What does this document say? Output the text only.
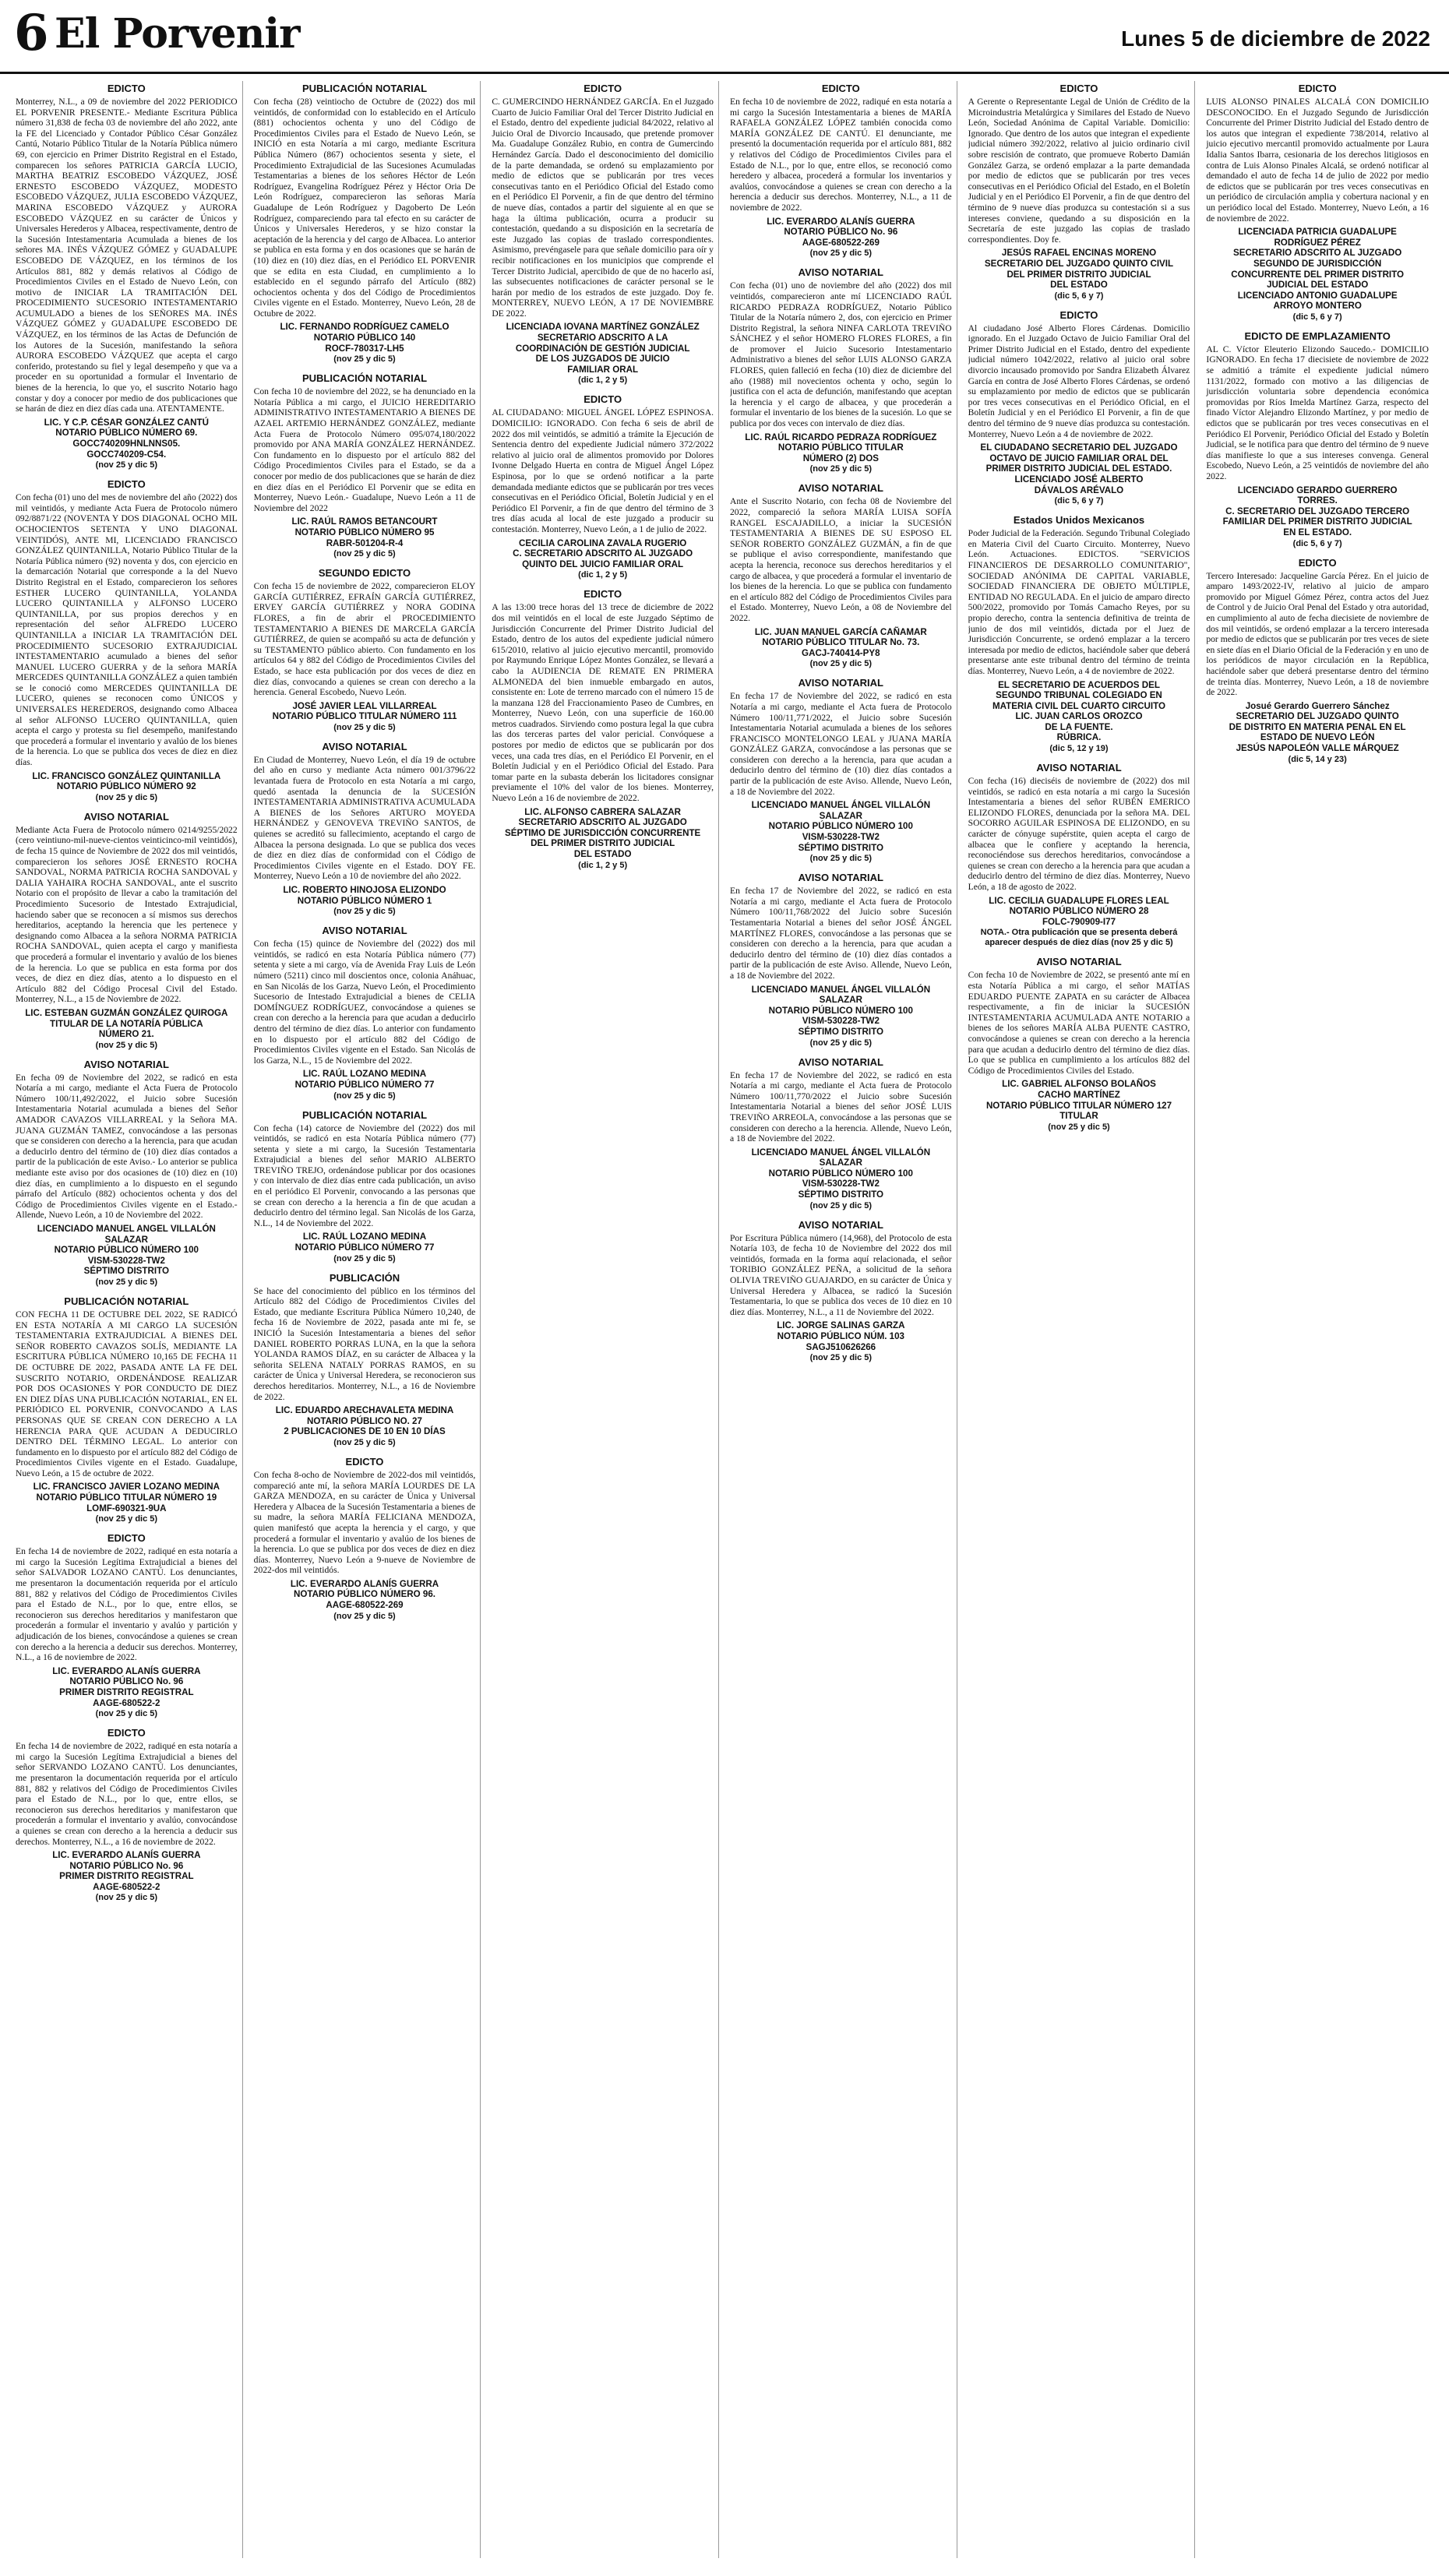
6 El Porvenir	Lunes 5 de diciembre de 2022
EDICTO
Monterrey, N.L., a 09 de noviembre del 2022 PERIODICO EL PORVENIR PRESENTE.- Mediante Escritura Pública número 31,838 de fecha 03 de noviembre del año 2022, ante la FE del Licenciado y Contador Público César González Cantú, Notario Público Titular de la Notaría Pública número 69, con ejercicio en Primer Distrito Registral en el Estado, comparecen los señores PATRICIA GARCÍA LUCIO, MARTHA BEATRIZ ESCOBEDO VÁZQUEZ, JOSÉ ERNESTO ESCOBEDO VÁZQUEZ, MODESTO ESCOBEDO VÁZQUEZ, JULIA ESCOBEDO VÁZQUEZ, MARINA ESCOBEDO VÁZQUEZ y AURORA ESCOBEDO VÁZQUEZ en su carácter de Únicos y Universales Herederos y Albacea, respectivamente, dentro de la Sucesión Intestamentaria Acumulada a bienes de los señores MA. INÉS VÁZQUEZ GÓMEZ y GUADALUPE ESCOBEDO DE VÁZQUEZ, en los términos de los Artículos 881, 882 y demás relativos al Código de Procedimientos Civiles en el Estado de Nuevo León, con motivo de INICIAR LA TRAMITACIÓN DEL PROCEDIMIENTO SUCESORIO INTESTAMENTARIO ACUMULADO a bienes de los SEÑORES MA. INÉS VÁZQUEZ GÓMEZ y GUADALUPE ESCOBEDO DE VÁZQUEZ, en los términos de las Actas de Defunción de los Autores de la Sucesión, manifestando la señora AURORA ESCOBEDO VÁZQUEZ que acepta el cargo conferido, protestando su fiel y legal desempeño y que va a proceder en su oportunidad a formular el Inventario de bienes de la herencia, lo que yo, el suscrito Notario hago constar y doy a conocer por medio de dos publicaciones que se harán de diez en diez días cada una. ATENTAMENTE.
LIC. Y C.P. CÉSAR GONZÁLEZ CANTÚ
NOTARIO PÚBLICO NÚMERO 69.
GOCC740209HNLNNS05.
GOCC740209-C54.
(nov 25 y dic 5)
EDICTO
Con fecha (01) uno del mes de noviembre del año (2022) dos mil veintidós, y mediante Acta Fuera de Protocolo número 092/8871/22 (NOVENTA Y DOS DIAGONAL OCHO MIL OCHOCIENTOS SETENTA Y UNO DIAGONAL VEINTIDÓS), ANTE MI, LICENCIADO FRANCISCO GONZÁLEZ QUINTANILLA, Notario Público Titular de la Notaría Pública número (92) noventa y dos, con ejercicio en la demarcación Notarial que corresponde a la del Nuevo Distrito Registral en el Estado, comparecieron los señores ESTHER LUCERO QUINTANILLA, YOLANDA LUCERO QUINTANILLA y ALFONSO LUCERO QUINTANILLA, por sus propios derechos y en representación del señor ALFREDO LUCERO QUINTANILLA a INICIAR LA TRAMITACIÓN DEL PROCEDIMIENTO SUCESORIO EXTRAJUDICIAL INTESTAMENTARIO acumulado a bienes del señor MANUEL LUCERO GUERRA y de la señora MARÍA MERCEDES QUINTANILLA GONZÁLEZ a quien también se le conoció como MERCEDES QUINTANILLA DE LUCERO, quienes se reconocen como ÚNICOS y UNIVERSALES HEREDEROS, designando como Albacea al señor ALFONSO LUCERO QUINTANILLA, quien acepta el cargo y protesta su fiel desempeño, manifestando que procederá a formular el inventario y avalúo de los bienes de la herencia. Lo que se publica dos veces de diez en diez días.
LIC. FRANCISCO GONZÁLEZ QUINTANILLA
NOTARIO PÚBLICO NÚMERO 92
(nov 25 y dic 5)
AVISO NOTARIAL
Mediante Acta Fuera de Protocolo número 0214/9255/2022 (cero veintiuno-mil-nueve-cientos veinticinco-mil veintidós), de fecha 15 quince de Noviembre de 2022 dos mil veintidós, comparecieron los señores JOSÉ ERNESTO ROCHA SANDOVAL, NORMA PATRICIA ROCHA SANDOVAL y DALIA YAHAIRA ROCHA SANDOVAL, ante el suscrito Notario con el propósito de llevar a cabo la tramitación del Procedimiento Sucesorio de Intestado Extrajudicial, haciendo saber que se reconocen a sí mismos sus derechos hereditarios, aceptando la herencia que les pertenece y designando como Albacea a la señora NORMA PATRICIA ROCHA SANDOVAL, quien acepta el cargo y manifiesta que procederá a formular el inventario y avalúo de los bienes de la herencia. Lo que se publica en esta forma por dos veces, de diez en diez días, atento a lo dispuesto en el Artículo 882 del Código Procesal Civil del Estado. Monterrey, N.L., a 15 de Noviembre de 2022.
LIC. ESTEBAN GUZMÁN GONZÁLEZ QUIROGA
TITULAR DE LA NOTARÍA PÚBLICA
NÚMERO 21.
(nov 25 y dic 5)
AVISO NOTARIAL
En fecha 09 de Noviembre del 2022, se radicó en esta Notaría a mi cargo, mediante el Acta Fuera de Protocolo Número 100/11,492/2022, el Juicio sobre Sucesión Intestamentaria Notarial acumulada a bienes del Señor AMADOR CAVAZOS VILLARREAL y la Señora MA. JUANA GUZMÁN TAMEZ, convocándose a las personas que se consideren con derecho a la herencia, para que acudan a deducirlo dentro del término de (10) diez días contados a partir de la publicación de este Aviso.- Lo anterior se publica mediante este aviso por dos ocasiones de (10) diez en (10) diez días, en cumplimiento a lo dispuesto en el segundo párrafo del Artículo (882) ochocientos ochenta y dos del Código de Procedimientos Civiles vigente en el Estado.- Allende, Nuevo León, a 10 de Noviembre del 2022.
LICENCIADO MANUEL ANGEL VILLALÓN SALAZAR
NOTARIO PÚBLICO NÚMERO 100
VISM-530228-TW2
SÉPTIMO DISTRITO
(nov 25 y dic 5)
PUBLICACIÓN NOTARIAL
CON FECHA 11 DE OCTUBRE DEL 2022, SE RADICÓ EN ESTA NOTARÍA A MI CARGO LA SUCESIÓN TESTAMENTARIA EXTRAJUDICIAL A BIENES DEL SEÑOR ROBERTO CAVAZOS SOLÍS, MEDIANTE LA ESCRITURA PÚBLICA NÚMERO 10,165 DE FECHA 11 DE OCTUBRE DE 2022, PASADA ANTE LA FE DEL SUSCRITO NOTARIO, ORDENÁNDOSE REALIZAR POR DOS OCASIONES Y POR CONDUCTO DE DIEZ EN DIEZ DÍAS UNA PUBLICACIÓN NOTARIAL, EN EL PERIÓDICO EL PORVENIR, CONVOCANDO A LAS PERSONAS QUE SE CREAN CON DERECHO A LA HERENCIA PARA QUE ACUDAN A DEDUCIRLO DENTRO DEL TÉRMINO LEGAL. Lo anterior con fundamento en lo dispuesto por el artículo 882 del Código de Procedimientos Civiles vigente en el Estado. Guadalupe, Nuevo León, a 15 de octubre de 2022.
LIC. FRANCISCO JAVIER LOZANO MEDINA
NOTARIO PÚBLICO TITULAR NÚMERO 19
LOMF-690321-9UA
(nov 25 y dic 5)
EDICTO
En fecha 14 de noviembre de 2022, radiqué en esta notaría a mi cargo la Sucesión Legítima Extrajudicial a bienes del señor SALVADOR LOZANO CANTÚ. Los denunciantes, me presentaron la documentación requerida por el artículo 881, 882 y relativos del Código de Procedimientos Civiles para el Estado de N.L., por lo que, entre ellos, se reconocieron sus derechos hereditarios y manifestaron que procederán a formular el inventario y avalúo y partición y adjudicación de los bienes, convocándose a quienes se crean con derecho a la herencia a deducir sus derechos. Monterrey, N.L., a 16 de noviembre de 2022.
LIC. EVERARDO ALANÍS GUERRA
NOTARIO PÚBLICO No. 96
PRIMER DISTRITO REGISTRAL
AAGE-680522-2
(nov 25 y dic 5)
EDICTO
En fecha 14 de noviembre de 2022, radiqué en esta notaría a mi cargo la Sucesión Legítima Extrajudicial a bienes del señor SERVANDO LOZANO CANTÚ. Los denunciantes, me presentaron la documentación requerida por el artículo 881, 882 y relativos del Código de Procedimientos Civiles para el Estado de N.L., por lo que, entre ellos, se reconocieron sus derechos hereditarios y manifestaron que procederán a formular el inventario y avalúo, convocándose a quienes se crean con derecho a la herencia a deducir sus derechos. Monterrey, N.L., a 16 de noviembre de 2022.
LIC. EVERARDO ALANÍS GUERRA
NOTARIO PÚBLICO No. 96
PRIMER DISTRITO REGISTRAL
AAGE-680522-2
(nov 25 y dic 5)
PUBLICACIÓN NOTARIAL
Con fecha (28) veintiocho de Octubre de (2022) dos mil veintidós, de conformidad con lo establecido en el Artículo (881) ochocientos ochenta y uno del Código de Procedimientos Civiles para el Estado de Nuevo León, se INICIÓ en esta Notaría a mi cargo, mediante Escritura Pública Número (867) ochocientos sesenta y siete, el Procedimiento Extrajudicial de las Sucesiones Acumuladas Testamentarias a bienes de los señores Héctor de León Rodríguez, Evangelina Rodríguez Pérez y Héctor Oria De León Rodríguez, comparecieron las señoras María Guadalupe de León Rodríguez y Dagoberto De León Rodríguez, compareciendo para tal efecto en su carácter de Únicos y Universales Herederos, y se hizo constar la aceptación de la herencia y del cargo de Albacea. Lo anterior se publica en esta forma y en dos ocasiones que se harán de (10) diez en (10) diez días, en el Periódico EL PORVENIR que se edita en esta Ciudad, en cumplimiento a lo establecido en el segundo párrafo del Artículo (882) ochocientos ochenta y dos del Código de Procedimientos Civiles vigente en el Estado. Monterrey, Nuevo León, 28 de Octubre de 2022.
LIC. FERNANDO RODRÍGUEZ CAMELO
NOTARIO PÚBLICO 140
ROCF-780317-LH5
(nov 25 y dic 5)
PUBLICACIÓN NOTARIAL
Con fecha 10 de noviembre del 2022, se ha denunciado en la Notaría Pública a mi cargo, el JUICIO HEREDITARIO ADMINISTRATIVO INTESTAMENTARIO A BIENES DE AZAEL ARTEMIO HERNÁNDEZ GONZÁLEZ, mediante Acta Fuera de Protocolo Número 095/074,180/2022 promovido por ANA MARÍA GONZÁLEZ HERNÁNDEZ. Con fundamento en lo dispuesto por el artículo 882 del Código Procedimientos Civiles para el Estado, se da a conocer por medio de dos publicaciones que se harán de diez en diez días en el Periódico El Porvenir que se edita en Monterrey, Nuevo León.- Guadalupe, Nuevo León a 11 de Noviembre del 2022
LIC. RAÚL RAMOS BETANCOURT
NOTARIO PÚBLICO NÚMERO 95
RABR-501204-R-4
(nov 25 y dic 5)
SEGUNDO EDICTO
Con fecha 15 de noviembre de 2022, comparecieron ELOY GARCÍA GUTIÉRREZ, EFRAÍN GARCÍA GUTIÉRREZ, ERVEY GARCÍA GUTIÉRREZ y NORA GODINA FLORES, a fin de abrir el PROCEDIMIENTO TESTAMENTARIO A BIENES DE MARCELA GARCÍA GUTIÉRREZ, de quien se acompañó su acta de defunción y su TESTAMENTO público abierto. Con fundamento en los artículos 64 y 882 del Código de Procedimientos Civiles del Estado, se hace esta publicación por dos veces de diez en diez días, convocando a quienes se crean con derecho a la herencia. General Escobedo, Nuevo León.
JOSÉ JAVIER LEAL VILLARREAL
NOTARIO PÚBLICO TITULAR NÚMERO 111
(nov 25 y dic 5)
AVISO NOTARIAL
En Ciudad de Monterrey, Nuevo León, el día 19 de octubre del año en curso y mediante Acta número 001/3796/22 levantada fuera de Protocolo en esta Notaría a mi cargo, quedó asentada la denuncia de la SUCESIÓN INTESTAMENTARIA ADMINISTRATIVA ACUMULADA A BIENES de los Señores ARTURO MOYEDA HERNÁNDEZ y GENOVEVA TREVIÑO SANTOS, de quienes se acreditó su fallecimiento, aceptando el cargo de Albacea la persona designada. Lo que se publica dos veces de diez en diez días de conformidad con el Código de Procedimientos Civiles vigente en el Estado. DOY FE. Monterrey, Nuevo León a 10 de noviembre del año 2022.
LIC. ROBERTO HINOJOSA ELIZONDO
NOTARIO PÚBLICO NÚMERO 1
(nov 25 y dic 5)
AVISO NOTARIAL
Con fecha (15) quince de Noviembre del (2022) dos mil veintidós, se radicó en esta Notaría Pública número (77) setenta y siete a mi cargo, vía de Avenida Fray Luis de León número (5211) cinco mil doscientos once, colonia Anáhuac, en San Nicolás de los Garza, Nuevo León, el Procedimiento Sucesorio de Intestado Extrajudicial a bienes de CELIA DOMÍNGUEZ RODRÍGUEZ, convocándose a quienes se crean con derecho a la herencia para que acudan a deducirlo dentro del término de diez días. Lo anterior con fundamento en lo dispuesto por el artículo 882 del Código de Procedimientos Civiles vigente en el Estado. San Nicolás de los Garza, N.L., 15 de Noviembre del 2022.
LIC. RAÚL LOZANO MEDINA
NOTARIO PÚBLICO NÚMERO 77
(nov 25 y dic 5)
PUBLICACIÓN NOTARIAL
Con fecha (14) catorce de Noviembre del (2022) dos mil veintidós, se radicó en esta Notaría Pública número (77) setenta y siete a mi cargo, la Sucesión Testamentaria Extrajudicial a bienes del señor MARIO ALBERTO TREVIÑO TREJO, ordenándose publicar por dos ocasiones y con intervalo de diez días entre cada publicación, un aviso en el periódico El Porvenir, convocando a las personas que se crean con derecho a la herencia a fin de que acudan a deducirlo dentro del término legal. San Nicolás de los Garza, N.L., 14 de Noviembre del 2022.
LIC. RAÚL LOZANO MEDINA
NOTARIO PÚBLICO NÚMERO 77
(nov 25 y dic 5)
PUBLICACIÓN
Se hace del conocimiento del público en los términos del Artículo 882 del Código de Procedimientos Civiles del Estado, que mediante Escritura Pública Número 10,240, de fecha 16 de Noviembre de 2022, pasada ante mi fe, se INICIÓ la Sucesión Intestamentaria a bienes del señor DANIEL ROBERTO PORRAS LUNA, en la que la señora YOLANDA RAMOS DÍAZ, en su carácter de Albacea y la señorita SELENA NATALY PORRAS RAMOS, en su carácter de Única y Universal Heredera, se reconocieron sus derechos hereditarios. Monterrey, N.L., a 16 de Noviembre de 2022.
LIC. EDUARDO ARECHAVALETA MEDINA
NOTARIO PÚBLICO NO. 27
2 PUBLICACIONES DE 10 EN 10 DÍAS
(nov 25 y dic 5)
EDICTO
Con fecha 8-ocho de Noviembre de 2022-dos mil veintidós, compareció ante mí, la señora MARÍA LOURDES DE LA GARZA MENDOZA, en su carácter de Única y Universal Heredera y Albacea de la Sucesión Testamentaria a bienes de su madre, la señora MARÍA FELICIANA MENDOZA, quien manifestó que acepta la herencia y el cargo, y que procederá a formular el inventario y avalúo de los bienes de la herencia. Lo que se publica por dos veces de diez en diez días. Monterrey, Nuevo León a 9-nueve de Noviembre de 2022-dos mil veintidós.
LIC. EVERARDO ALANÍS GUERRA
NOTARIO PÚBLICO NÚMERO 96.
AAGE-680522-269
(nov 25 y dic 5)
EDICTO
C. GUMERCINDO HERNÁNDEZ GARCÍA. En el Juzgado Cuarto de Juicio Familiar Oral del Tercer Distrito Judicial en el Estado, dentro del expediente judicial 84/2022, relativo al Juicio Oral de Divorcio Incausado, que pretende promover Ma. Guadalupe González Rubio, en contra de Gumercindo Hernández García. Dado el desconocimiento del domicilio de la parte demandada, se ordenó su emplazamiento por medio de edictos que se publicarán por tres veces consecutivas tanto en el Periódico Oficial del Estado como en el Periódico El Porvenir, a fin de que dentro del término de nueve días, contados a partir del siguiente al en que se haga la última publicación, ocurra a producir su contestación, quedando a su disposición en la secretaría de este Juzgado las copias de traslado correspondientes. Asimismo, prevéngasele para que señale domicilio para oír y recibir notificaciones en los municipios que comprende el Tercer Distrito Judicial, apercibido de que de no hacerlo así, las subsecuentes notificaciones de carácter personal se le harán por medio de los estrados de este juzgado. Doy fe. MONTERREY, NUEVO LEÓN, A 17 DE NOVIEMBRE DE 2022.
LICENCIADA IOVANA MARTÍNEZ GONZÁLEZ
SECRETARIO ADSCRITO A LA
COORDINACIÓN DE GESTIÓN JUDICIAL
DE LOS JUZGADOS DE JUICIO
FAMILIAR ORAL
(dic 1, 2 y 5)
EDICTO
AL CIUDADANO: MIGUEL ÁNGEL LÓPEZ ESPINOSA. DOMICILIO: IGNORADO. Con fecha 6 seis de abril de 2022 dos mil veintidós, se admitió a trámite la Ejecución de Sentencia dentro del expediente Judicial número 372/2022 relativo al juicio oral de alimentos promovido por Dolores Ivonne Delgado Huerta en contra de Miguel Ángel López Espinosa, por lo que se ordenó notificar a la parte demandada mediante edictos que se publicarán por tres veces consecutivas en el Periódico Oficial, Boletín Judicial y en el Periódico El Porvenir, a fin de que dentro del término de 3 tres días acuda al local de este juzgado a producir su contestación. Monterrey, Nuevo León, a 1 de julio de 2022.
CECILIA CAROLINA ZAVALA RUGERIO
C. SECRETARIO ADSCRITO AL JUZGADO
QUINTO DEL JUICIO FAMILIAR ORAL
(dic 1, 2 y 5)
EDICTO
A las 13:00 trece horas del 13 trece de diciembre de 2022 dos mil veintidós en el local de este Juzgado Séptimo de Jurisdicción Concurrente del Primer Distrito Judicial del Estado, dentro de los autos del expediente judicial número 615/2010, relativo al juicio ejecutivo mercantil, promovido por Raymundo Enrique López Montes González, se llevará a cabo la AUDIENCIA DE REMATE EN PRIMERA ALMONEDA del bien inmueble embargado en autos, consistente en: Lote de terreno marcado con el número 15 de la manzana 128 del Fraccionamiento Paseo de Cumbres, en Monterrey, Nuevo León, con una superficie de 160.00 metros cuadrados. Sirviendo como postura legal la que cubra las dos terceras partes del valor pericial. Convóquese a postores por medio de edictos que se publicarán por dos veces, una cada tres días, en el Periódico El Porvenir, en el Boletín Judicial y en el Periódico Oficial del Estado. Para tomar parte en la subasta deberán los licitadores consignar previamente el 10% del valor de los bienes. Monterrey, Nuevo León a 16 de noviembre de 2022.
LIC. ALFONSO CABRERA SALAZAR
SECRETARIO ADSCRITO AL JUZGADO
SÉPTIMO DE JURISDICCIÓN CONCURRENTE
DEL PRIMER DISTRITO JUDICIAL
DEL ESTADO
(dic 1, 2 y 5)
EDICTO
En fecha 10 de noviembre de 2022, radiqué en esta notaría a mi cargo la Sucesión Intestamentaria a bienes de MARÍA RAFAELA GONZÁLEZ LÓPEZ también conocida como MARÍA GONZÁLEZ DE CANTÚ. El denunciante, me presentó la documentación requerida por el artículo 881, 882 y relativos del Código de Procedimientos Civiles para el Estado de N.L., por lo que, entre ellos, se reconoció como heredero y albacea, procederá a formular los inventarios y avalúos, convocándose a quienes se crean con derecho a la herencia a deducir sus derechos. Monterrey, N.L., a 11 de noviembre de 2022.
LIC. EVERARDO ALANÍS GUERRA
NOTARIO PÚBLICO No. 96
AAGE-680522-269
(nov 25 y dic 5)
AVISO NOTARIAL
Con fecha (01) uno de noviembre del año (2022) dos mil veintidós, comparecieron ante mí LICENCIADO RAÚL RICARDO PEDRAZA RODRÍGUEZ, Notario Público Titular de la Notaría número 2, dos, con ejercicio en Primer Distrito Registral, la señora NINFA CARLOTA TREVIÑO SÁNCHEZ y el señor HOMERO FLORES FLORES, a fin de promover el Juicio Sucesorio Intestamentario Administrativo a bienes del señor LUIS ALONSO GARZA FLORES, quien falleció en fecha (10) diez de diciembre del año (1988) mil novecientos ochenta y ocho, según lo justifica con el acta de defunción, manifestando que aceptan la herencia y el cargo de albacea, y que procederán a formular el inventario de los bienes de la sucesión. Lo que se publica por dos veces con intervalo de diez días.
LIC. RAÚL RICARDO PEDRAZA RODRÍGUEZ
NOTARIO PÚBLICO TITULAR
NÚMERO (2) DOS
(nov 25 y dic 5)
AVISO NOTARIAL
Ante el Suscrito Notario, con fecha 08 de Noviembre del 2022, compareció la señora MARÍA LUISA SOFÍA RANGEL ESCAJADILLO, a iniciar la SUCESIÓN TESTAMENTARIA A BIENES DE SU ESPOSO EL SEÑOR ROBERTO GONZÁLEZ GUZMÁN, a fin de que se publique el aviso correspondiente, manifestando que acepta la herencia, reconoce sus derechos hereditarios y el cargo de albacea, y que procederá a formular el inventario de los bienes de la herencia. Lo que se publica con fundamento en el artículo 882 del Código de Procedimientos Civiles para el Estado. Monterrey, Nuevo León, a 08 de Noviembre del 2022.
LIC. JUAN MANUEL GARCÍA CAÑAMAR
NOTARIO PÚBLICO TITULAR No. 73.
GACJ-740414-PY8
(nov 25 y dic 5)
AVISO NOTARIAL
En fecha 17 de Noviembre del 2022, se radicó en esta Notaría a mi cargo, mediante el Acta fuera de Protocolo Número 100/11,771/2022, el Juicio sobre Sucesión Intestamentaria Notarial acumulada a bienes de los señores FRANCISCO MONTELONGO LEAL y JUANA MARÍA GONZÁLEZ GARZA, convocándose a las personas que se consideren con derecho a la herencia, para que acudan a deducirlo dentro del término de (10) diez días contados a partir de la publicación de este Aviso. Allende, Nuevo León, a 18 de Noviembre del 2022.
LICENCIADO MANUEL ÁNGEL VILLALÓN SALAZAR
NOTARIO PÚBLICO NÚMERO 100
VISM-530228-TW2
SÉPTIMO DISTRITO
(nov 25 y dic 5)
AVISO NOTARIAL
En fecha 17 de Noviembre del 2022, se radicó en esta Notaría a mi cargo, mediante el Acta fuera de Protocolo Número 100/11,768/2022 del Juicio sobre Sucesión Testamentaria Notarial a bienes del señor JOSÉ ÁNGEL MARTÍNEZ FLORES, convocándose a las personas que se consideren con derecho a la herencia, para que acudan a deducirlo dentro del término de (10) diez días contados a partir de la publicación de este Aviso. Allende, Nuevo León, a 18 de Noviembre del 2022.
LICENCIADO MANUEL ÁNGEL VILLALÓN SALAZAR
NOTARIO PÚBLICO NÚMERO 100
VISM-530228-TW2
SÉPTIMO DISTRITO
(nov 25 y dic 5)
AVISO NOTARIAL
En fecha 17 de Noviembre del 2022, se radicó en esta Notaría a mi cargo, mediante el Acta fuera de Protocolo Número 100/11,770/2022 el Juicio sobre Sucesión Intestamentaria Notarial a bienes del señor JOSÉ LUIS TREVIÑO ARREOLA, convocándose a las personas que se consideren con derecho a la herencia. Allende, Nuevo León, a 18 de Noviembre del 2022.
LICENCIADO MANUEL ÁNGEL VILLALÓN SALAZAR
NOTARIO PÚBLICO NÚMERO 100
VISM-530228-TW2
SÉPTIMO DISTRITO
(nov 25 y dic 5)
AVISO NOTARIAL
Por Escritura Pública número (14,968), del Protocolo de esta Notaría 103, de fecha 10 de Noviembre del 2022 dos mil veintidós, formada en la forma aquí relacionada, el señor TORIBIO GONZÁLEZ PEÑA, a solicitud de la señora OLIVIA TREVIÑO GUAJARDO, en su carácter de Única y Universal Heredera y Albacea, se radicó la Sucesión Testamentaria, lo que se publica dos veces de 10 diez en 10 diez días. Monterrey, N.L., a 11 de Noviembre del 2022.
LIC. JORGE SALINAS GARZA
NOTARIO PÚBLICO NÚM. 103
SAGJ510626266
(nov 25 y dic 5)
EDICTO
A Gerente o Representante Legal de Unión de Crédito de la Microindustria Metalúrgica y Similares del Estado de Nuevo León, Sociedad Anónima de Capital Variable. Domicilio: Ignorado. Que dentro de los autos que integran el expediente judicial número 392/2022, relativo al juicio ordinario civil sobre rescisión de contrato, que promueve Roberto Damián González Garza, se ordenó emplazar a la parte demandada por medio de edictos que se publicarán por tres veces consecutivas en el Periódico Oficial del Estado, en el Boletín Judicial y en el Periódico El Porvenir, a fin de que dentro del término de 9 nueve días produzca su contestación si a sus intereses conviene, quedando a su disposición en la Secretaría de este juzgado las copias de traslado correspondientes. Doy fe.
JESÚS RAFAEL ENCINAS MORENO
SECRETARIO DEL JUZGADO QUINTO CIVIL
DEL PRIMER DISTRITO JUDICIAL
DEL ESTADO
(dic 5, 6 y 7)
EDICTO
Al ciudadano José Alberto Flores Cárdenas. Domicilio ignorado. En el Juzgado Octavo de Juicio Familiar Oral del Primer Distrito Judicial en el Estado, dentro del expediente judicial número 1042/2022, relativo al juicio oral sobre divorcio incausado promovido por Sandra Elizabeth Álvarez García en contra de José Alberto Flores Cárdenas, se ordenó su emplazamiento por medio de edictos que se publicarán por tres veces consecutivas en el Periódico Oficial, en el Boletín Judicial y en el Periódico El Porvenir, a fin de que dentro del término de 9 nueve días produzca su contestación. Monterrey, Nuevo León a 4 de noviembre de 2022.
EL CIUDADANO SECRETARIO DEL JUZGADO
OCTAVO DE JUICIO FAMILIAR ORAL DEL
PRIMER DISTRITO JUDICIAL DEL ESTADO.
LICENCIADO JOSÉ ALBERTO
DÁVALOS ARÉVALO
(dic 5, 6 y 7)
Estados Unidos Mexicanos
Poder Judicial de la Federación. Segundo Tribunal Colegiado en Materia Civil del Cuarto Circuito. Monterrey, Nuevo León. Actuaciones. EDICTOS. "SERVICIOS FINANCIEROS DE DESARROLLO COMUNITARIO", SOCIEDAD ANÓNIMA DE CAPITAL VARIABLE, SOCIEDAD FINANCIERA DE OBJETO MÚLTIPLE, ENTIDAD NO REGULADA. En el juicio de amparo directo 500/2022, promovido por Tomás Camacho Reyes, por su propio derecho, contra la sentencia definitiva de treinta de junio de dos mil veintidós, dictada por el Juez de Jurisdicción Concurrente, se ordenó emplazar a la tercero interesada por medio de edictos, haciéndole saber que deberá presentarse ante este tribunal dentro del término de treinta días. Monterrey, Nuevo León, a 4 de noviembre de 2022.
EL SECRETARIO DE ACUERDOS DEL
SEGUNDO TRIBUNAL COLEGIADO EN
MATERIA CIVIL DEL CUARTO CIRCUITO
LIC. JUAN CARLOS OROZCO
DE LA FUENTE.
RÚBRICA.
(dic 5, 12 y 19)
AVISO NOTARIAL
Con fecha (16) dieciséis de noviembre de (2022) dos mil veintidós, se radicó en esta notaría a mi cargo la Sucesión Intestamentaria a bienes del señor RUBÉN EMERICO ELIZONDO FLORES, denunciada por la señora MA. DEL SOCORRO AGUILAR ESPINOSA DE ELIZONDO, en su carácter de cónyuge supérstite, quien acepta el cargo de albacea que le confiere y aceptando la herencia, reconociéndose sus derechos hereditarios, convocándose a quienes se crean con derecho a la herencia para que acudan a deducirlo dentro del término de diez días. Monterrey, Nuevo León, a 18 de agosto de 2022.
LIC. CECILIA GUADALUPE FLORES LEAL
NOTARIO PÚBLICO NÚMERO 28
FOLC-790909-I77
NOTA.- Otra publicación que se presenta deberá aparecer después de diez días (nov 25 y dic 5)
AVISO NOTARIAL
Con fecha 10 de Noviembre de 2022, se presentó ante mí en esta Notaría Pública a mi cargo, el señor MATÍAS EDUARDO PUENTE ZAPATA en su carácter de Albacea respectivamente, a fin de iniciar la SUCESIÓN INTESTAMENTARIA ACUMULADA ANTE NOTARIO a bienes de los señores MARÍA ALBA PUENTE CASTRO, convocándose a quienes se crean con derecho a la herencia para que acudan a deducirlo dentro del término de diez días. Lo que se publica en cumplimiento a los artículos 882 del Código de Procedimientos Civiles del Estado.
LIC. GABRIEL ALFONSO BOLAÑOS
CACHO MARTÍNEZ
NOTARIO PÚBLICO TITULAR NÚMERO 127
TITULAR
(nov 25 y dic 5)
EDICTO
LUIS ALONSO PINALES ALCALÁ CON DOMICILIO DESCONOCIDO. En el Juzgado Segundo de Jurisdicción Concurrente del Primer Distrito Judicial del Estado dentro de los autos que integran el expediente 738/2014, relativo al juicio ejecutivo mercantil promovido actualmente por Laura Idalia Santos Ibarra, cesionaria de los derechos litigiosos en contra de Luis Alonso Pinales Alcalá, se ordenó notificar al demandado el auto de fecha 14 de julio de 2022 por medio de edictos que se publicarán por tres veces consecutivas en un periódico de circulación amplia y cobertura nacional y en un periódico local del Estado. Monterrey, Nuevo León, a 16 de noviembre de 2022.
LICENCIADA PATRICIA GUADALUPE
RODRÍGUEZ PÉREZ
SECRETARIO ADSCRITO AL JUZGADO
SEGUNDO DE JURISDICCIÓN
CONCURRENTE DEL PRIMER DISTRITO
JUDICIAL DEL ESTADO
LICENCIADO ANTONIO GUADALUPE
ARROYO MONTERO
(dic 5, 6 y 7)
EDICTO DE EMPLAZAMIENTO
AL C. Víctor Eleuterio Elizondo Saucedo.- DOMICILIO IGNORADO. En fecha 17 diecisiete de noviembre de 2022 se admitió a trámite el expediente judicial número 1131/2022, formado con motivo a las diligencias de jurisdicción voluntaria sobre dependencia económica promovidas por Ríos Imelda Martínez Garza, respecto del finado Víctor Alejandro Elizondo Martínez, y por medio de edictos que se publicarán por tres veces consecutivas en el Periódico El Porvenir, Periódico Oficial del Estado y Boletín Judicial, se le notifica para que dentro del término de 9 nueve días manifieste lo que a sus intereses convenga. General Escobedo, Nuevo León, a 25 veintidós de noviembre del año 2022.
LICENCIADO GERARDO GUERRERO
TORRES.
C. SECRETARIO DEL JUZGADO TERCERO
FAMILIAR DEL PRIMER DISTRITO JUDICIAL
EN EL ESTADO.
(dic 5, 6 y 7)
EDICTO
Tercero Interesado: Jacqueline García Pérez. En el juicio de amparo 1493/2022-IV, relativo al juicio de amparo promovido por Miguel Gómez Pérez, contra actos del Juez de Control y de Juicio Oral Penal del Estado y otra autoridad, en cumplimiento al auto de fecha diecisiete de noviembre de dos mil veintidós, se ordenó emplazar a la tercero interesada por medio de edictos que se publicarán por tres veces de siete en siete días en el Diario Oficial de la Federación y en uno de los periódicos de mayor circulación en la República, haciéndole saber que deberá presentarse dentro del término de treinta días. Monterrey, Nuevo León, a 18 de noviembre de 2022.
Josué Gerardo Guerrero Sánchez
SECRETARIO DEL JUZGADO QUINTO
DE DISTRITO EN MATERIA PENAL EN EL
ESTADO DE NUEVO LEÓN
JESÚS NAPOLEÓN VALLE MÁRQUEZ
(dic 5, 14 y 23)
